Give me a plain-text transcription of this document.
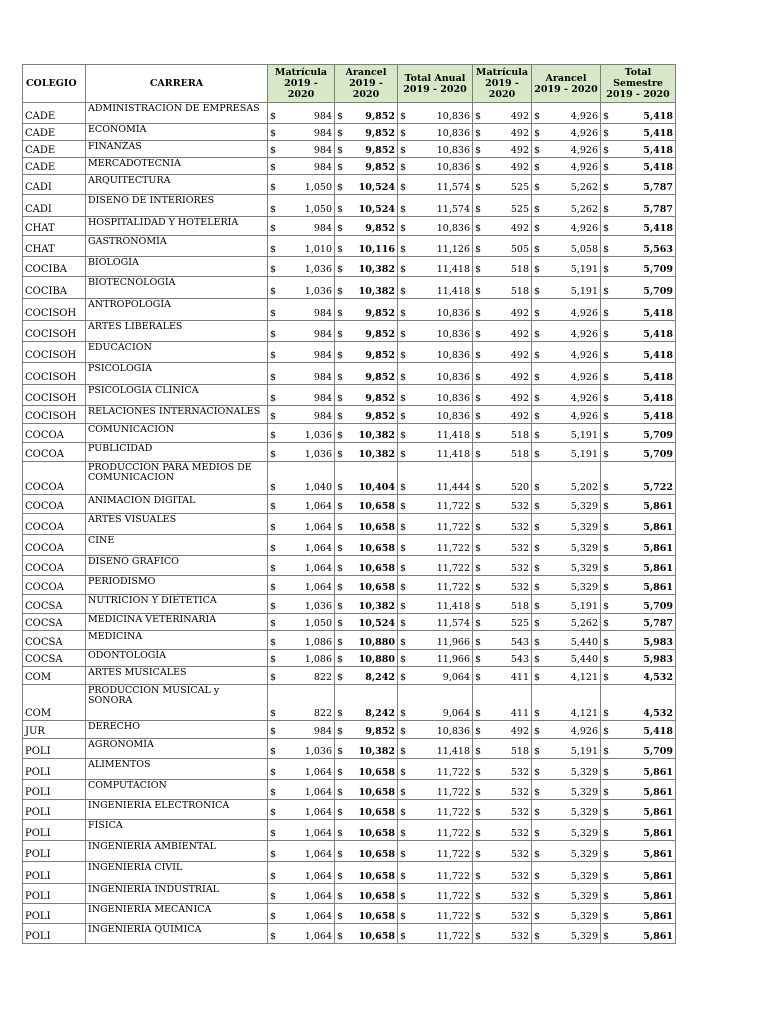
COLEGIO	CARRERA	Matrícula 2019 - 2020	Arancel 2019 - 2020	Total Anual 2019 - 2020	Matrícula 2019 - 2020	Arancel 2019 - 2020	Total Semestre 2019 - 2020
CADE	ADMINISTRACIÓN DE EMPRESAS	$ 984	$ 9,852	$ 10,836	$ 492	$ 4,926	$ 5,418

CADE	ECONOMÍA	$ 984	$ 9,852	$ 10,836	$ 492	$ 4,926	$ 5,418

CADE	FINANZAS	$ 984	$ 9,852	$ 10,836	$ 492	$ 4,926	$ 5,418

CADE	MERCADOTECNIA	$ 984	$ 9,852	$ 10,836	$ 492	$ 4,926	$ 5,418

CADI	ARQUITECTURA	$ 1,050	$ 10,524	$ 11,574	$ 525	$ 5,262	$ 5,787

CADI	DISEÑO DE INTERIORES	$ 1,050	$ 10,524	$ 11,574	$ 525	$ 5,262	$ 5,787

CHAT	HOSPITALIDAD Y HOTELERÍA	$ 984	$ 9,852	$ 10,836	$ 492	$ 4,926	$ 5,418

CHAT	GASTRONOMÍA	$ 1,010	$ 10,116	$ 11,126	$ 505	$ 5,058	$ 5,563

COCIBA	BIOLOGÍA	$ 1,036	$ 10,382	$ 11,418	$ 518	$ 5,191	$ 5,709

COCIBA	BIOTECNOLOGÍA	$ 1,036	$ 10,382	$ 11,418	$ 518	$ 5,191	$ 5,709

COCISOH	ANTROPOLOGÍA	$ 984	$ 9,852	$ 10,836	$ 492	$ 4,926	$ 5,418

COCISOH	ARTES LIBERALES	$ 984	$ 9,852	$ 10,836	$ 492	$ 4,926	$ 5,418

COCISOH	EDUCACIÓN	$ 984	$ 9,852	$ 10,836	$ 492	$ 4,926	$ 5,418

COCISOH	PSICOLOGÍA	$ 984	$ 9,852	$ 10,836	$ 492	$ 4,926	$ 5,418

COCISOH	PSICOLOGÍA CLÍNICA	$ 984	$ 9,852	$ 10,836	$ 492	$ 4,926	$ 5,418

COCISOH	RELACIONES INTERNACIONALES	$ 984	$ 9,852	$ 10,836	$ 492	$ 4,926	$ 5,418

COCOA	COMUNICACIÓN	$ 1,036	$ 10,382	$ 11,418	$ 518	$ 5,191	$ 5,709

COCOA	PUBLICIDAD	$ 1,036	$ 10,382	$ 11,418	$ 518	$ 5,191	$ 5,709

COCOA	PRODUCCIÓN PARA MEDIOS DE COMUNICACION	$ 1,040	$ 10,404	$ 11,444	$ 520	$ 5,202	$ 5,722

COCOA	ANIMACIÓN DIGITAL	$ 1,064	$ 10,658	$ 11,722	$ 532	$ 5,329	$ 5,861

COCOA	ARTES VISUALES	$ 1,064	$ 10,658	$ 11,722	$ 532	$ 5,329	$ 5,861

COCOA	CINE	$ 1,064	$ 10,658	$ 11,722	$ 532	$ 5,329	$ 5,861

COCOA	DISEÑO GRÁFICO	$ 1,064	$ 10,658	$ 11,722	$ 532	$ 5,329	$ 5,861

COCOA	PERIODISMO	$ 1,064	$ 10,658	$ 11,722	$ 532	$ 5,329	$ 5,861

COCSA	NUTRICIÓN Y DIETÉTICA	$ 1,036	$ 10,382	$ 11,418	$ 518	$ 5,191	$ 5,709

COCSA	MEDICINA VETERINARIA	$ 1,050	$ 10,524	$ 11,574	$ 525	$ 5,262	$ 5,787

COCSA	MEDICINA	$ 1,086	$ 10,880	$ 11,966	$ 543	$ 5,440	$ 5,983

COCSA	ODONTOLOGÍA	$ 1,086	$ 10,880	$ 11,966	$ 543	$ 5,440	$ 5,983

COM	ARTES MUSICALES	$ 822	$ 8,242	$ 9,064	$ 411	$ 4,121	$ 4,532

COM	PRODUCCIÓN MUSICAL y SONORA	$ 822	$ 8,242	$ 9,064	$ 411	$ 4,121	$ 4,532

JUR	DERECHO	$ 984	$ 9,852	$ 10,836	$ 492	$ 4,926	$ 5,418

POLI	AGRONOMÍA	$ 1,036	$ 10,382	$ 11,418	$ 518	$ 5,191	$ 5,709

POLI	ALIMENTOS	$ 1,064	$ 10,658	$ 11,722	$ 532	$ 5,329	$ 5,861

POLI	COMPUTACIÓN	$ 1,064	$ 10,658	$ 11,722	$ 532	$ 5,329	$ 5,861

POLI	INGENIERÍA ELECTRÓNICA	$ 1,064	$ 10,658	$ 11,722	$ 532	$ 5,329	$ 5,861

POLI	FÍSICA	$ 1,064	$ 10,658	$ 11,722	$ 532	$ 5,329	$ 5,861

POLI	INGENIERÍA AMBIENTAL	$ 1,064	$ 10,658	$ 11,722	$ 532	$ 5,329	$ 5,861

POLI	INGENIERÍA CIVIL	$ 1,064	$ 10,658	$ 11,722	$ 532	$ 5,329	$ 5,861

POLI	INGENIERÍA INDUSTRIAL	$ 1,064	$ 10,658	$ 11,722	$ 532	$ 5,329	$ 5,861

POLI	INGENIERÍA MECÁNICA	$ 1,064	$ 10,658	$ 11,722	$ 532	$ 5,329	$ 5,861

POLI	INGENIERÍA QUÍMICA	$ 1,064	$ 10,658	$ 11,722	$ 532	$ 5,329	$ 5,861
